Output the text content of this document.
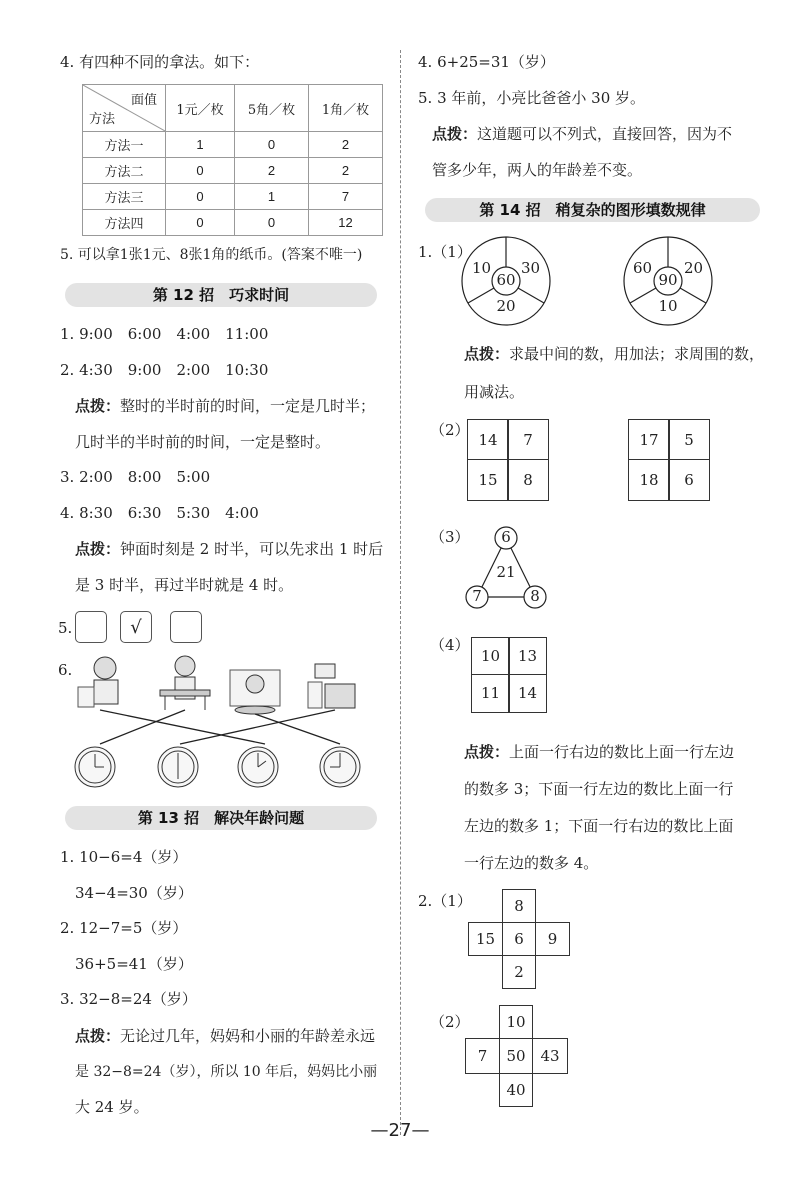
4. 有四种不同的拿法。如下：
面值
方法	1元／枚	5角／枚	1角／枚
方法一	1	0	2
方法二	0	2	2
方法三	0	1	7
方法四	0	0	12
5. 可以拿1张1元、8张1角的纸币。(答案不唯一)
第 12 招　巧求时间
1. 9:00　6:00　4:00　11:00
2. 4:30　9:00　2:00　10:30
点拨：整时的半时前的时间，一定是几时半；
几时半的半时前的时间，一定是整时。
3. 2:00　8:00　5:00
4. 8:30　6:30　5:30　4:00
点拨：钟面时刻是 2 时半，可以先求出 1 时后
是 3 时半，再过半时就是 4 时。
5.	√
6.
第 13 招　解决年龄问题
1. 10−6=4（岁）
34−4=30（岁）
2. 12−7=5（岁）
36+5=41（岁）
3. 32−8=24（岁）
点拨：无论过几年，妈妈和小丽的年龄差永远
是 32−8=24（岁），所以 10 年后，妈妈比小丽
大 24 岁。
4. 6+25=31（岁）
5. 3 年前，小亮比爸爸小 30 岁。
点拨：这道题可以不列式，直接回答，因为不
管多少年，两人的年龄差不变。
第 14 招　稍复杂的图形填数规律
1.（1）
10
60
30
20
60
90
20
10
点拨：求最中间的数，用加法；求周围的数，
用减法。
（2）
14	7
15	8
17	5
18	6
（3）	6
21
7	8
（4）
10	13
11	14
点拨：上面一行右边的数比上面一行左边
的数多 3；下面一行左边的数比上面一行
左边的数多 1；下面一行右边的数比上面
一行左边的数多 4。
2.（1）	8
15	6	9
2
（2）	10
7	50 43
40
—27—
